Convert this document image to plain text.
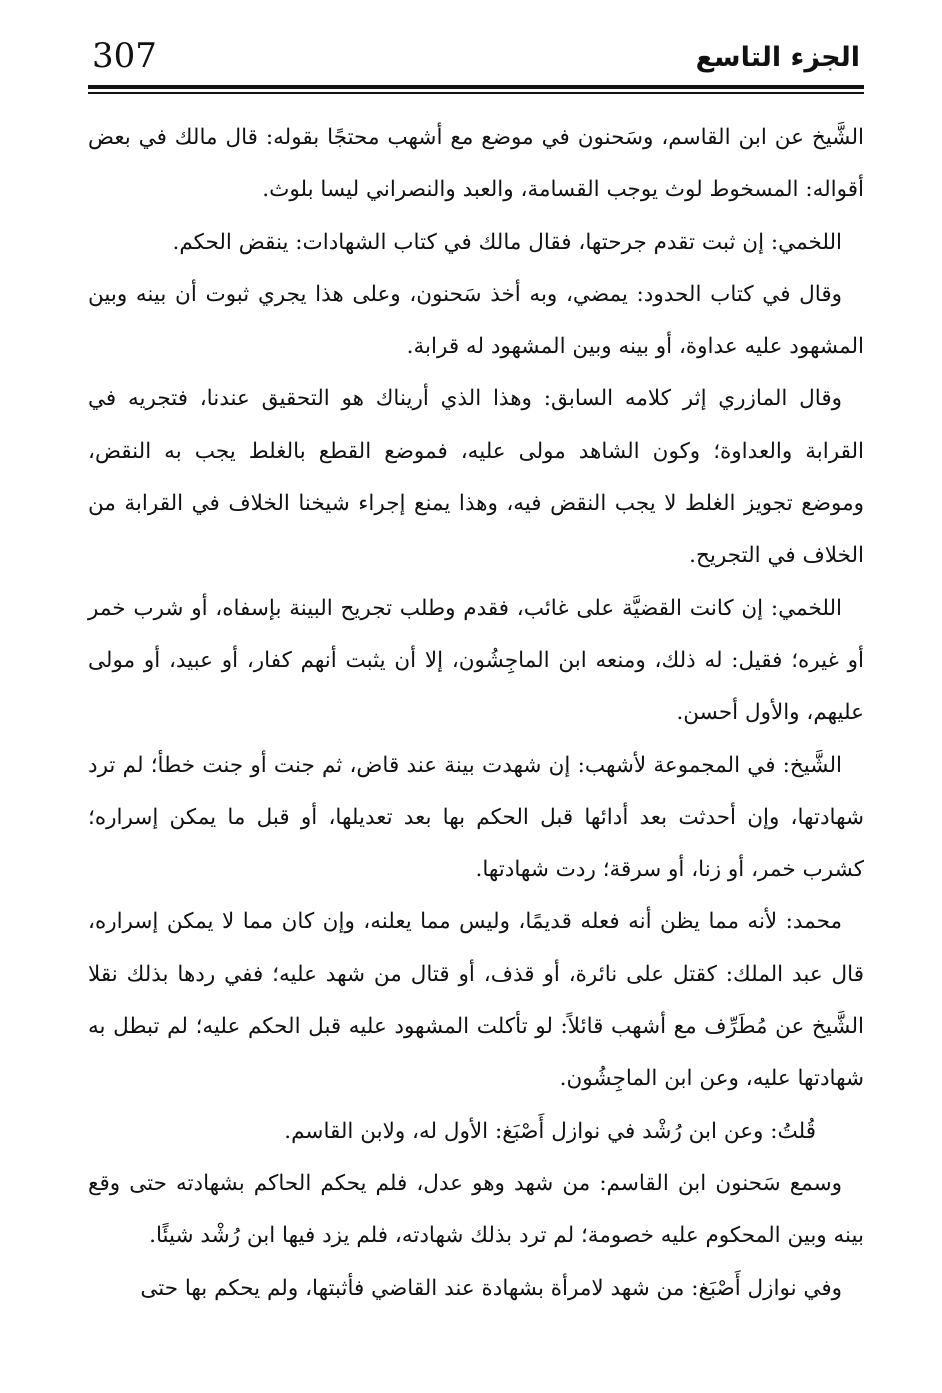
307	الجزء التاسع

الشَّيخ عن ابن القاسم، وسَحنون في موضع مع أشهب محتجًا بقوله: قال مالك في بعض أقواله: المسخوط لوث يوجب القسامة، والعبد والنصراني ليسا بلوث.

اللخمي: إن ثبت تقدم جرحتها، فقال مالك في كتاب الشهادات: ينقض الحكم.

وقال في كتاب الحدود: يمضي، وبه أخذ سَحنون، وعلى هذا يجري ثبوت أن بينه وبين المشهود عليه عداوة، أو بينه وبين المشهود له قرابة.

وقال المازري إثر كلامه السابق: وهذا الذي أريناك هو التحقيق عندنا، فتجريه في القرابة والعداوة؛ وكون الشاهد مولى عليه، فموضع القطع بالغلط يجب به النقض، وموضع تجويز الغلط لا يجب النقض فيه، وهذا يمنع إجراء شيخنا الخلاف في القرابة من الخلاف في التجريح.

اللخمي: إن كانت القضيَّة على غائب، فقدم وطلب تجريح البينة بإسفاه، أو شرب خمر أو غيره؛ فقيل: له ذلك، ومنعه ابن الماجِشُون، إلا أن يثبت أنهم كفار، أو عبيد، أو مولى عليهم، والأول أحسن.

الشَّيخ: في المجموعة لأشهب: إن شهدت بينة عند قاض، ثم جنت أو جنت خطأ؛ لم ترد شهادتها، وإن أحدثت بعد أدائها قبل الحكم بها بعد تعديلها، أو قبل ما يمكن إسراره؛ كشرب خمر، أو زنا، أو سرقة؛ ردت شهادتها.

محمد: لأنه مما يظن أنه فعله قديمًا، وليس مما يعلنه، وإن كان مما لا يمكن إسراره، قال عبد الملك: كقتل على نائرة، أو قذف، أو قتال من شهد عليه؛ ففي ردها بذلك نقلا الشَّيخ عن مُطَرِّف مع أشهب قائلاً: لو تأكلت المشهود عليه قبل الحكم عليه؛ لم تبطل به شهادتها عليه، وعن ابن الماجِشُون.

قُلتُ: وعن ابن رُشْد في نوازل أَصْبَغ: الأول له، ولابن القاسم.

وسمع سَحنون ابن القاسم: من شهد وهو عدل، فلم يحكم الحاكم بشهادته حتى وقع بينه وبين المحكوم عليه خصومة؛ لم ترد بذلك شهادته، فلم يزد فيها ابن رُشْد شيئًا.

وفي نوازل أَصْبَغ: من شهد لامرأة بشهادة عند القاضي فأثبتها، ولم يحكم بها حتى
